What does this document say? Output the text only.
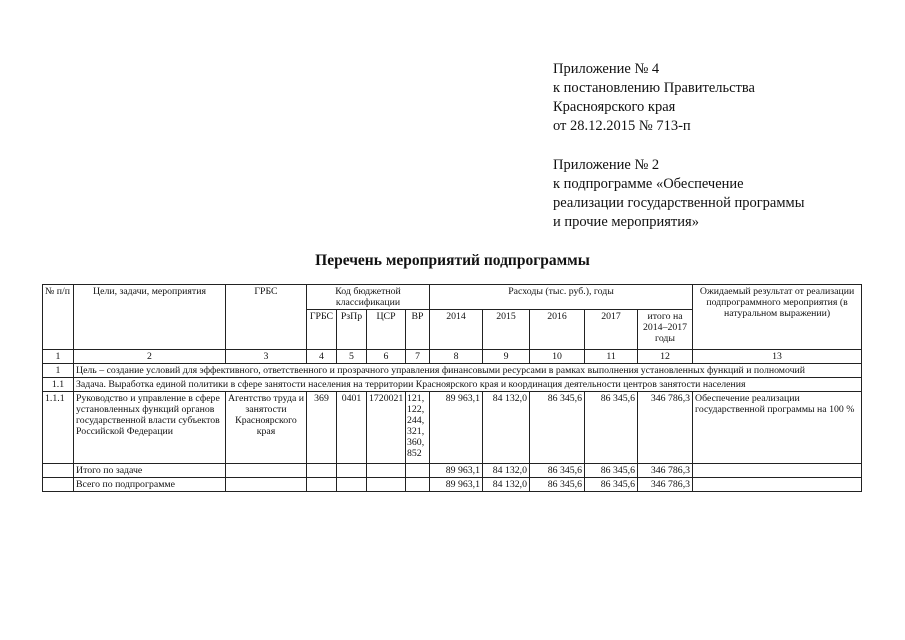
Приложение № 4

к постановлению Правительства

Красноярского края

от 28.12.2015 № 713-п

Приложение № 2

к подпрограмме «Обеспечение

реализации государственной программы

и прочие мероприятия»

Перечень мероприятий подпрограммы
№ п/п	Цели, задачи, мероприятия	ГРБС	Код бюджетной классификации				Расходы (тыс. руб.), годы					Ожидаемый результат от реализации подпрограммного мероприятия (в натуральном выражении)
			ГРБС	РзПр	ЦСР	ВР	2014	2015	2016	2017	итого на 2014–2017 годы	
1	2	3	4	5	6	7	8	9	10	11	12	13
1	Цель – создание условий для эффективного, ответственного и прозрачного управления финансовыми ресурсами в рамках выполнения установленных функций и полномочий											
1.1	Задача. Выработка единой политики в сфере занятости населения на территории Красноярского края и координация деятельности центров занятости населения											
1.1.1	Руководство и управление в сфере установленных функций органов государственной власти субъектов Российской Федерации	Агентство труда и занятости Красноярского края	369	0401	1720021	121, 122, 244, 321, 360, 852	89 963,1	84 132,0	86 345,6	86 345,6	346 786,3	Обеспечение реализации государственной программы на 100 %
	Итого по задаче						89 963,1	84 132,0	86 345,6	86 345,6	346 786,3	
	Всего по подпрограмме						89 963,1	84 132,0	86 345,6	86 345,6	346 786,3	
